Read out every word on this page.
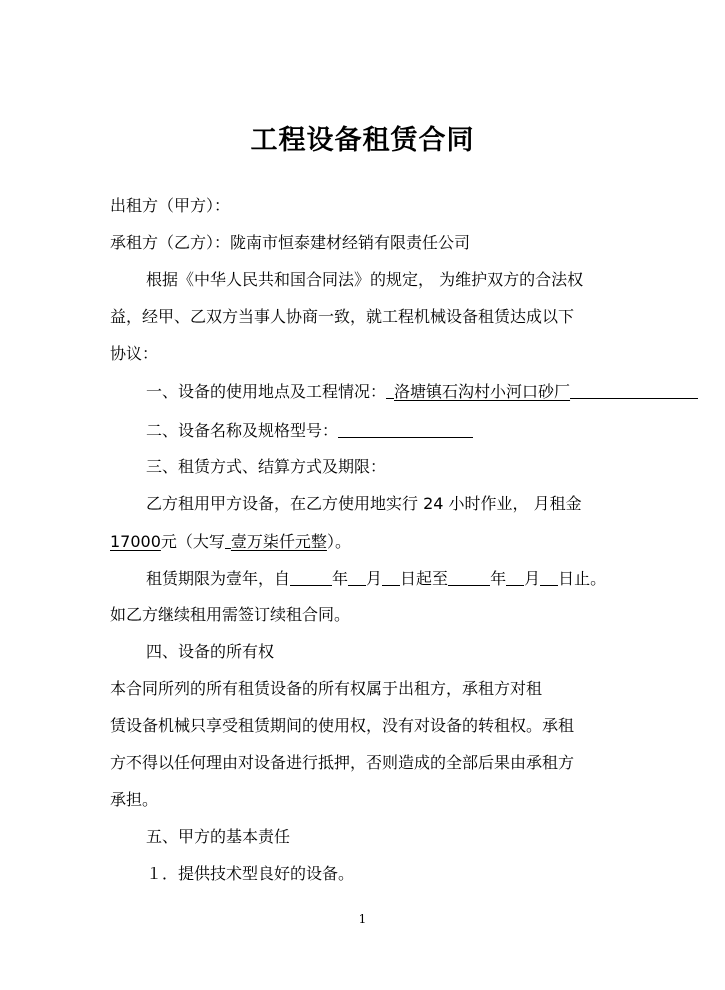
工程设备租赁合同
出租方（甲方）：
承租方（乙方）：陇南市恒泰建材经销有限责任公司
根据《中华人民共和国合同法》的规定， 为维护双方的合法权
益，经甲、乙双方当事人协商一致，就工程机械设备租赁达成以下
协议：
一、设备的使用地点及工程情况： 洛塘镇石沟村小河口砂厂
二、设备名称及规格型号：
三、租赁方式、结算方式及期限：
乙方租用甲方设备，在乙方使用地实行 24 小时作业， 月租金
17000元（大写 壹万柒仟元整）。
租赁期限为壹年，自	年 月 日起至	年 月 日止。
如乙方继续租用需签订续租合同。
四、设备的所有权
本合同所列的所有租赁设备的所有权属于出租方，承租方对租
赁设备机械只享受租赁期间的使用权，没有对设备的转租权。承租
方不得以任何理由对设备进行抵押，否则造成的全部后果由承租方
承担。
五、甲方的基本责任
１．提供技术型良好的设备。
1
